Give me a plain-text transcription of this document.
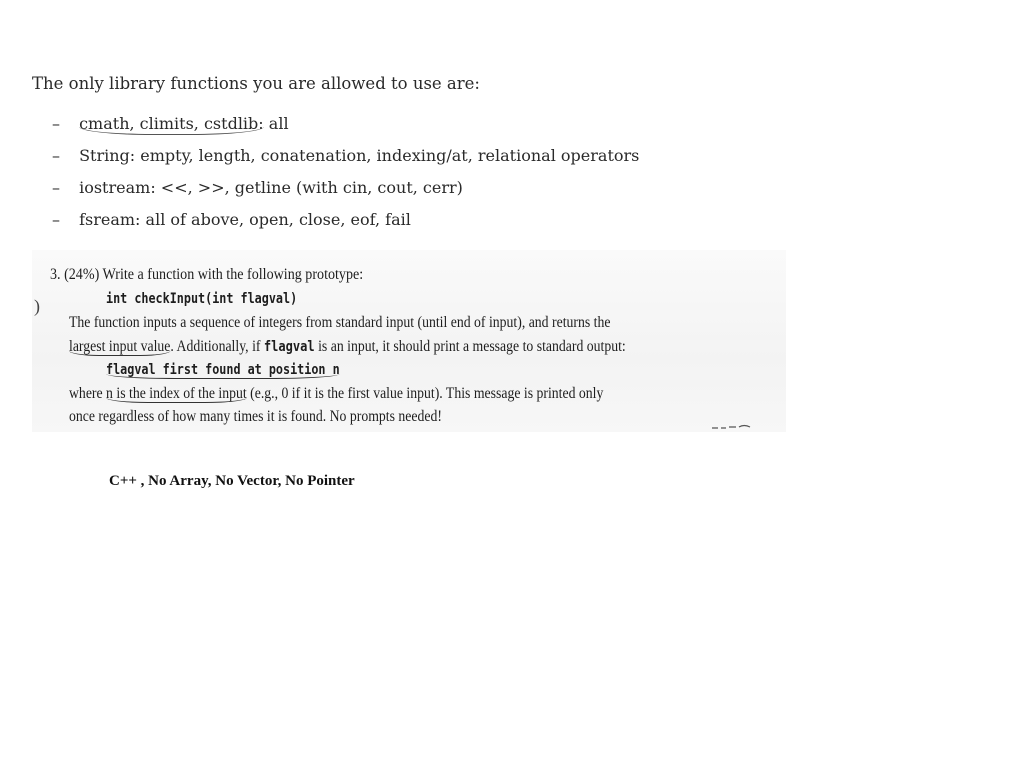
The only library functions you are allowed to use are:
– cmath, climits, cstdlib: all
– String: empty, length, conatenation, indexing/at, relational operators
– iostream: <<, >>, getline (with cin, cout, cerr)
– fsream: all of above, open, close, eof, fail
)
3. (24%) Write a function with the following prototype:
int checkInput(int flagval)
The function inputs a sequence of integers from standard input (until end of input), and returns the
largest input value. Additionally, if flagval is an input, it should print a message to standard output:
flagval first found at position n
where n is the index of the input (e.g., 0 if it is the first value input). This message is printed only
once regardless of how many times it is found. No prompts needed!
C++ , No Array, No Vector, No Pointer
